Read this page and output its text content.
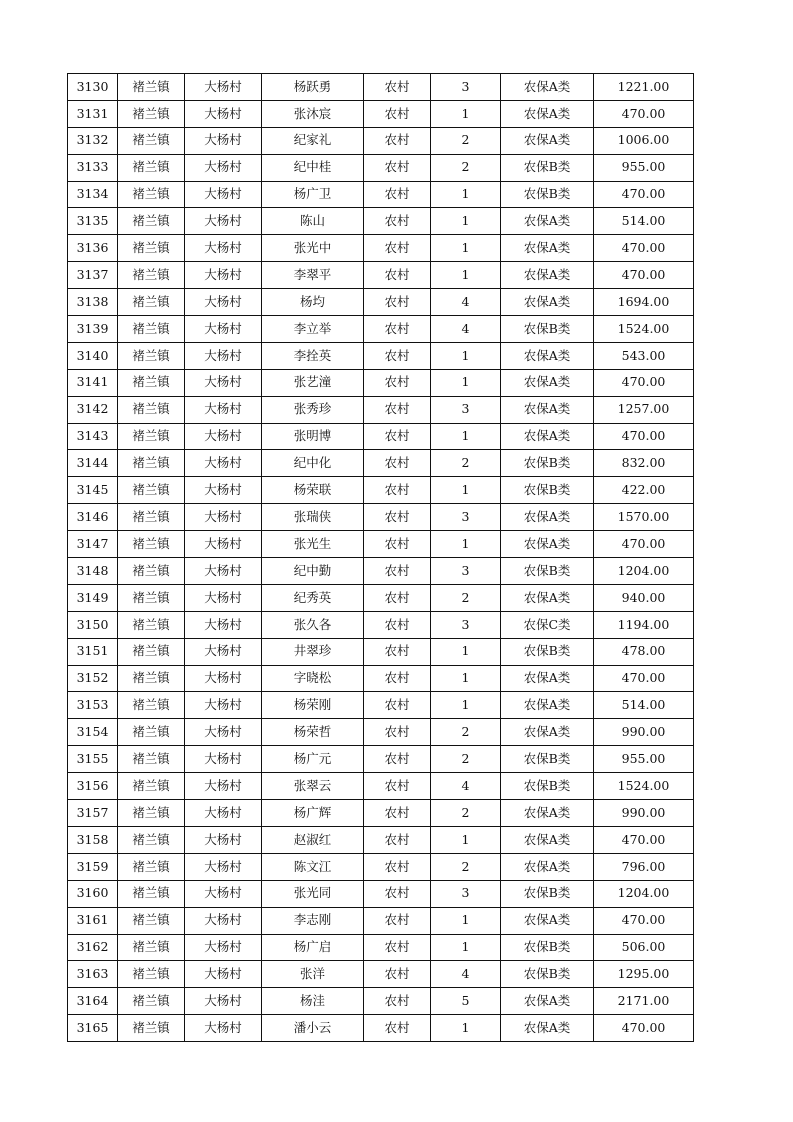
3130	褚兰镇	大杨村	杨跃勇	农村	3	农保A类	1221.00
3131	褚兰镇	大杨村	张沐宸	农村	1	农保A类	470.00
3132	褚兰镇	大杨村	纪家礼	农村	2	农保A类	1006.00
3133	褚兰镇	大杨村	纪中桂	农村	2	农保B类	955.00
3134	褚兰镇	大杨村	杨广卫	农村	1	农保B类	470.00
3135	褚兰镇	大杨村	陈山	农村	1	农保A类	514.00
3136	褚兰镇	大杨村	张光中	农村	1	农保A类	470.00
3137	褚兰镇	大杨村	李翠平	农村	1	农保A类	470.00
3138	褚兰镇	大杨村	杨均	农村	4	农保A类	1694.00
3139	褚兰镇	大杨村	李立举	农村	4	农保B类	1524.00
3140	褚兰镇	大杨村	李拴英	农村	1	农保A类	543.00
3141	褚兰镇	大杨村	张艺潼	农村	1	农保A类	470.00
3142	褚兰镇	大杨村	张秀珍	农村	3	农保A类	1257.00
3143	褚兰镇	大杨村	张明博	农村	1	农保A类	470.00
3144	褚兰镇	大杨村	纪中化	农村	2	农保B类	832.00
3145	褚兰镇	大杨村	杨荣联	农村	1	农保B类	422.00
3146	褚兰镇	大杨村	张瑞侠	农村	3	农保A类	1570.00
3147	褚兰镇	大杨村	张光生	农村	1	农保A类	470.00
3148	褚兰镇	大杨村	纪中勤	农村	3	农保B类	1204.00
3149	褚兰镇	大杨村	纪秀英	农村	2	农保A类	940.00
3150	褚兰镇	大杨村	张久各	农村	3	农保C类	1194.00
3151	褚兰镇	大杨村	井翠珍	农村	1	农保B类	478.00
3152	褚兰镇	大杨村	字晓松	农村	1	农保A类	470.00
3153	褚兰镇	大杨村	杨荣刚	农村	1	农保A类	514.00
3154	褚兰镇	大杨村	杨荣哲	农村	2	农保A类	990.00
3155	褚兰镇	大杨村	杨广元	农村	2	农保B类	955.00
3156	褚兰镇	大杨村	张翠云	农村	4	农保B类	1524.00
3157	褚兰镇	大杨村	杨广辉	农村	2	农保A类	990.00
3158	褚兰镇	大杨村	赵淑红	农村	1	农保A类	470.00
3159	褚兰镇	大杨村	陈文江	农村	2	农保A类	796.00
3160	褚兰镇	大杨村	张光同	农村	3	农保B类	1204.00
3161	褚兰镇	大杨村	李志刚	农村	1	农保A类	470.00
3162	褚兰镇	大杨村	杨广启	农村	1	农保B类	506.00
3163	褚兰镇	大杨村	张洋	农村	4	农保B类	1295.00
3164	褚兰镇	大杨村	杨洼	农村	5	农保A类	2171.00
3165	褚兰镇	大杨村	潘小云	农村	1	农保A类	470.00
